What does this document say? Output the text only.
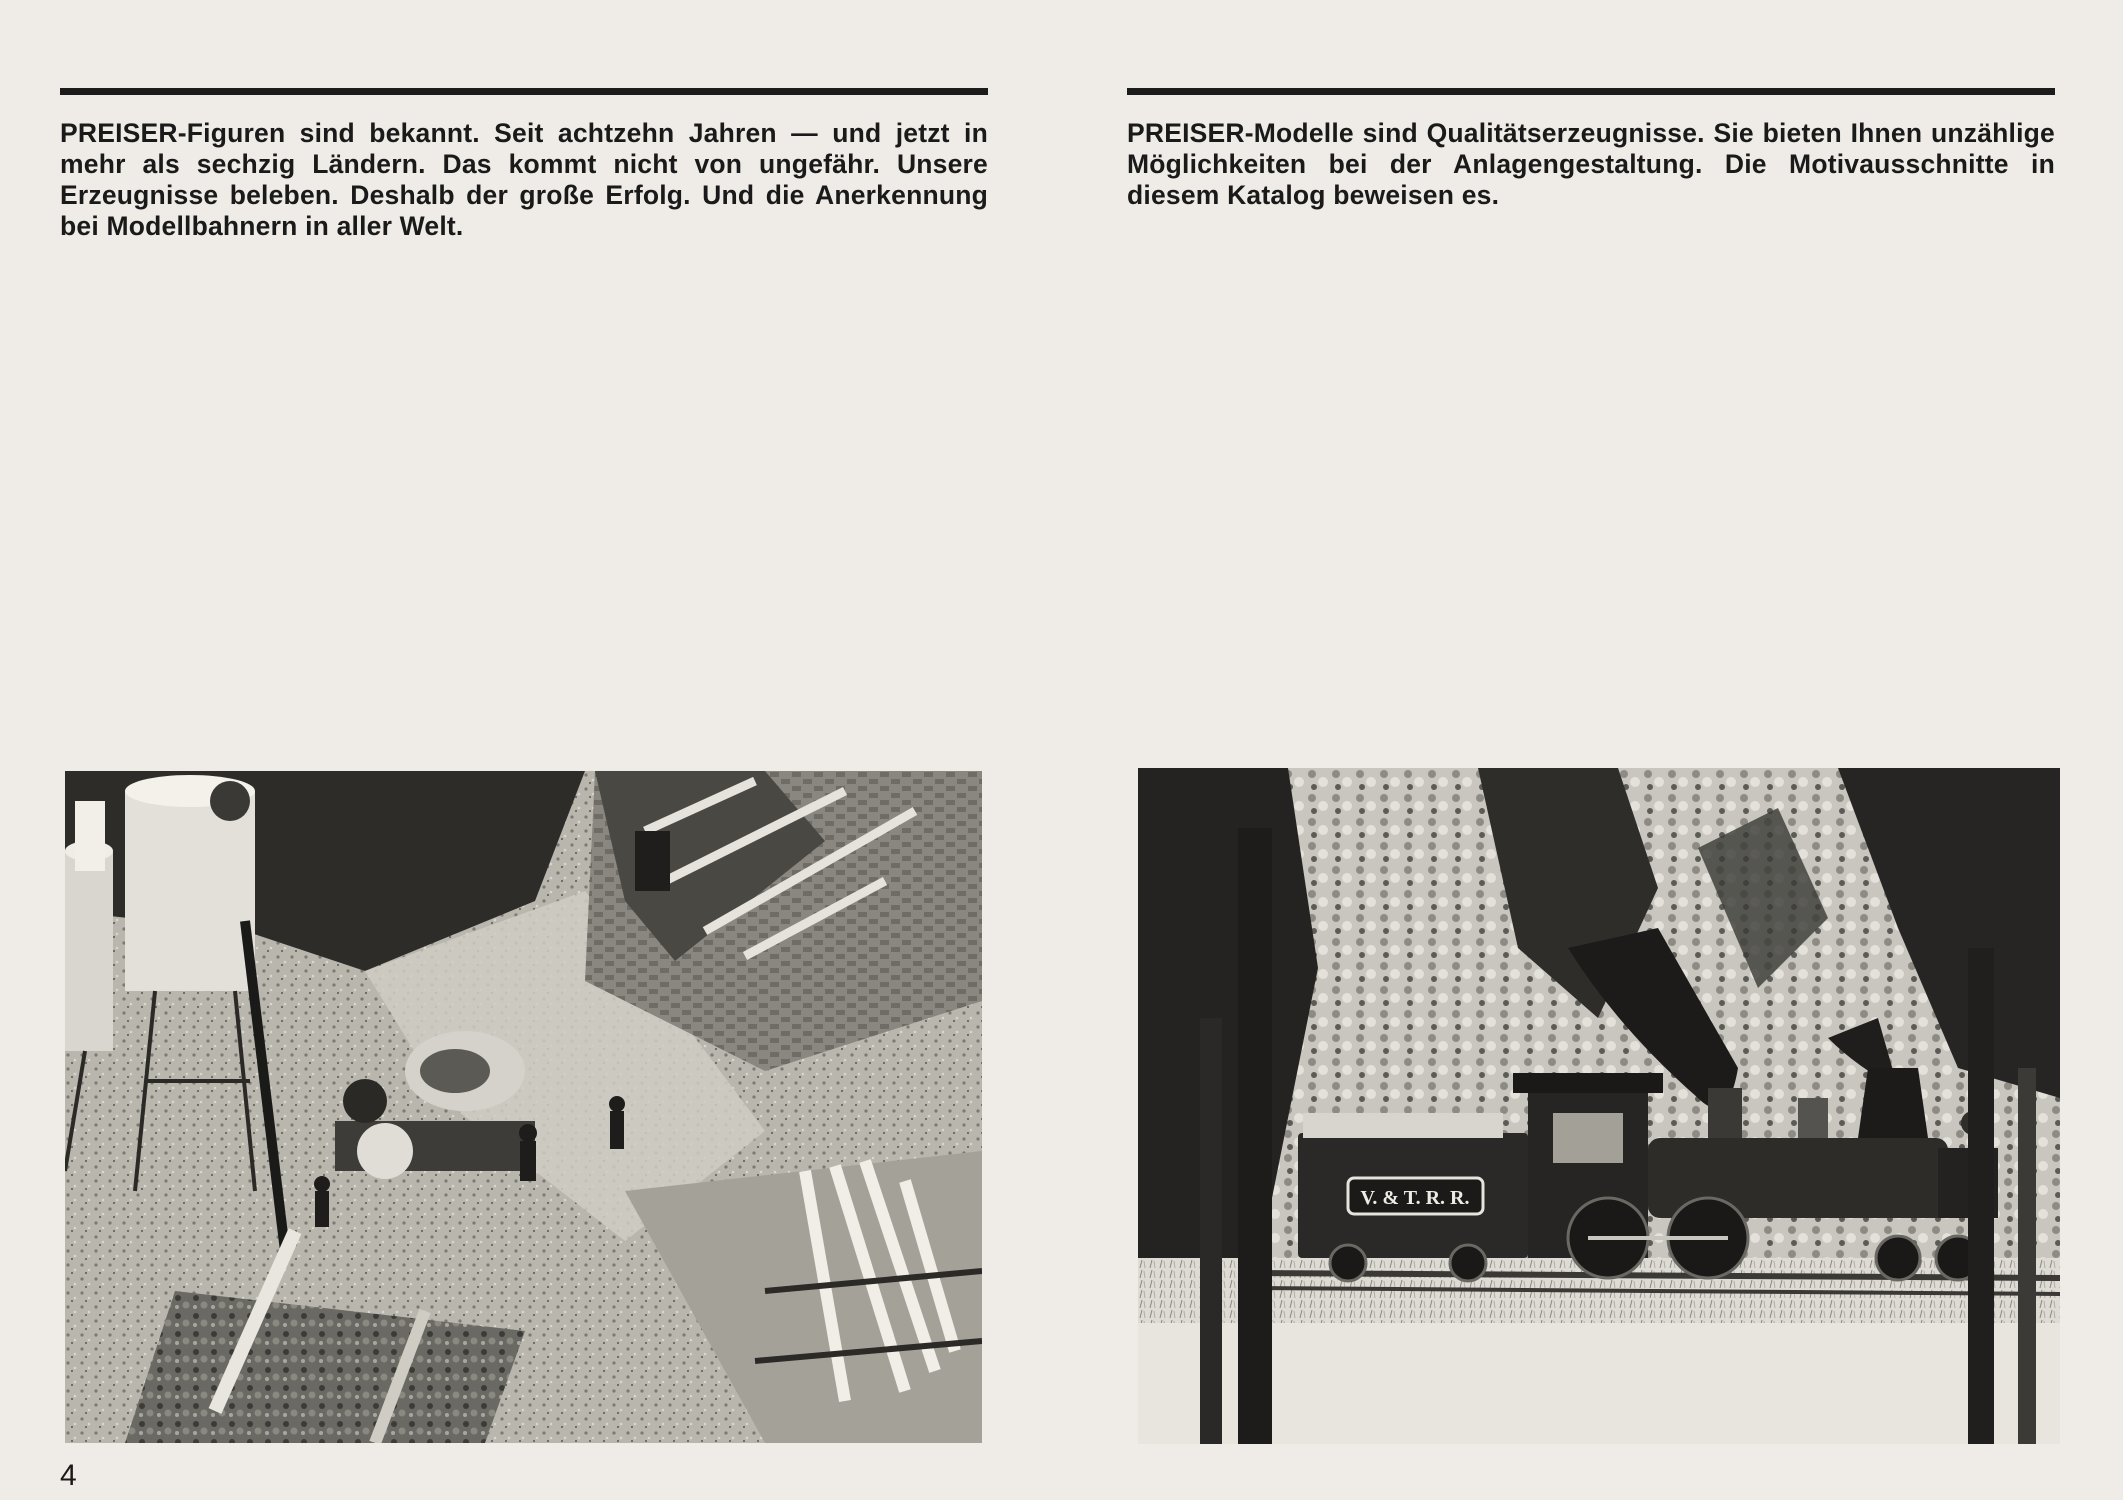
PREISER-Figuren sind bekannt. Seit achtzehn Jahren — und jetzt in mehr als sechzig Ländern. Das kommt nicht von ungefähr. Unsere Erzeugnisse beleben. Deshalb der große Erfolg. Und die Anerkennung bei Modellbahnern in aller Welt.
PREISER-Modelle sind Qualitätserzeugnisse. Sie bieten Ihnen unzählige Möglichkeiten bei der Anlagengestaltung. Die Motivausschnitte in diesem Katalog beweisen es.
V. & T. R. R.
4
